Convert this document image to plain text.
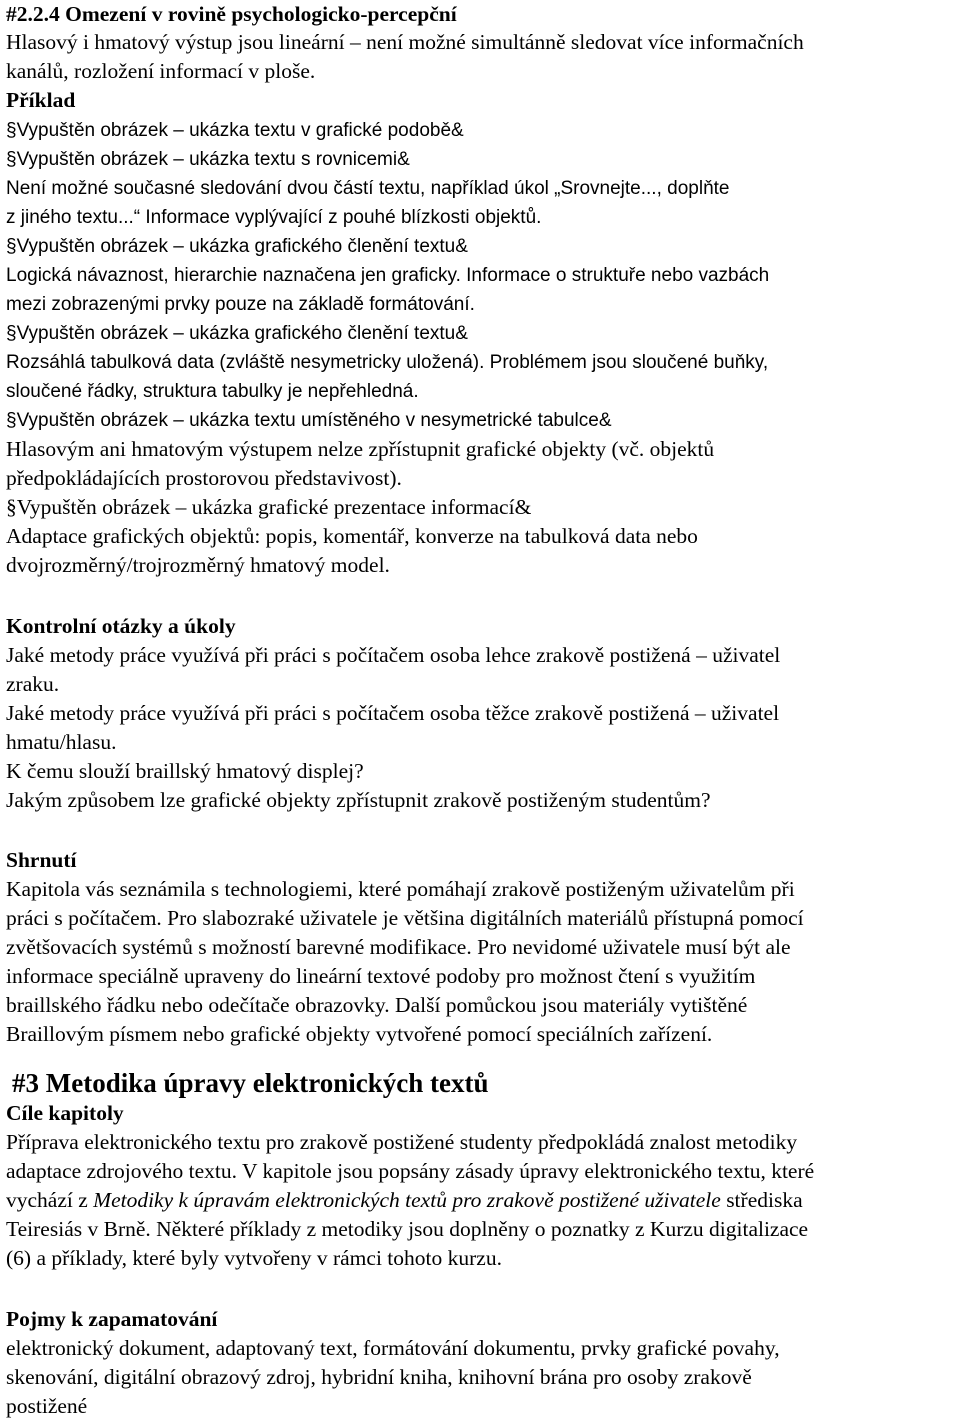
#2.2.4 Omezení v rovině psychologicko-percepční
Hlasový i hmatový výstup jsou lineární – není možné simultánně sledovat více informačních
kanálů, rozložení informací v ploše.
Příklad
§Vypuštěn obrázek – ukázka textu v grafické podobě&
§Vypuštěn obrázek – ukázka textu s rovnicemi&
Není možné současné sledování dvou částí textu, například úkol „Srovnejte..., doplňte
z jiného textu...“ Informace vyplývající z pouhé blízkosti objektů.
§Vypuštěn obrázek – ukázka grafického členění textu&
Logická návaznost, hierarchie naznačena jen graficky. Informace o struktuře nebo vazbách
mezi zobrazenými prvky pouze na základě formátování.
§Vypuštěn obrázek – ukázka grafického členění textu&
Rozsáhlá tabulková data (zvláště nesymetricky uložená). Problémem jsou sloučené buňky,
sloučené řádky, struktura tabulky je nepřehledná.
§Vypuštěn obrázek – ukázka textu umístěného v nesymetrické tabulce&
Hlasovým ani hmatovým výstupem nelze zpřístupnit grafické objekty (vč. objektů
předpokládajících prostorovou představivost).
§Vypuštěn obrázek – ukázka grafické prezentace informací&
Adaptace grafických objektů: popis, komentář, konverze na tabulková data nebo
dvojrozměrný/trojrozměrný hmatový model.
Kontrolní otázky a úkoly
Jaké metody práce využívá při práci s počítačem osoba lehce zrakově postižená – uživatel
zraku.
Jaké metody práce využívá při práci s počítačem osoba těžce zrakově postižená – uživatel
hmatu/hlasu.
K čemu slouží braillský hmatový displej?
Jakým způsobem lze grafické objekty zpřístupnit zrakově postiženým studentům?
Shrnutí
Kapitola vás seznámila s technologiemi, které pomáhají zrakově postiženým uživatelům při
práci s počítačem. Pro slabozraké uživatele je většina digitálních materiálů přístupná pomocí
zvětšovacích systémů s možností barevné modifikace. Pro nevidomé uživatele musí být ale
informace speciálně upraveny do lineární textové podoby pro možnost čtení s využitím
braillského řádku nebo odečítače obrazovky. Další pomůckou jsou materiály vytištěné
Braillovým písmem nebo grafické objekty vytvořené pomocí speciálních zařízení.
#3 Metodika úpravy elektronických textů
Cíle kapitoly
Příprava elektronického textu pro zrakově postižené studenty předpokládá znalost metodiky
adaptace zdrojového textu. V kapitole jsou popsány zásady úpravy elektronického textu, které
vychází z Metodiky k úpravám elektronických textů pro zrakově postižené uživatele střediska
Teiresiás v Brně. Některé příklady z metodiky jsou doplněny o poznatky z Kurzu digitalizace
(6) a příklady, které byly vytvořeny v rámci tohoto kurzu.
Pojmy k zapamatování
elektronický dokument, adaptovaný text, formátování dokumentu, prvky grafické povahy,
skenování, digitální obrazový zdroj, hybridní kniha, knihovní brána pro osoby zrakově
postižené
